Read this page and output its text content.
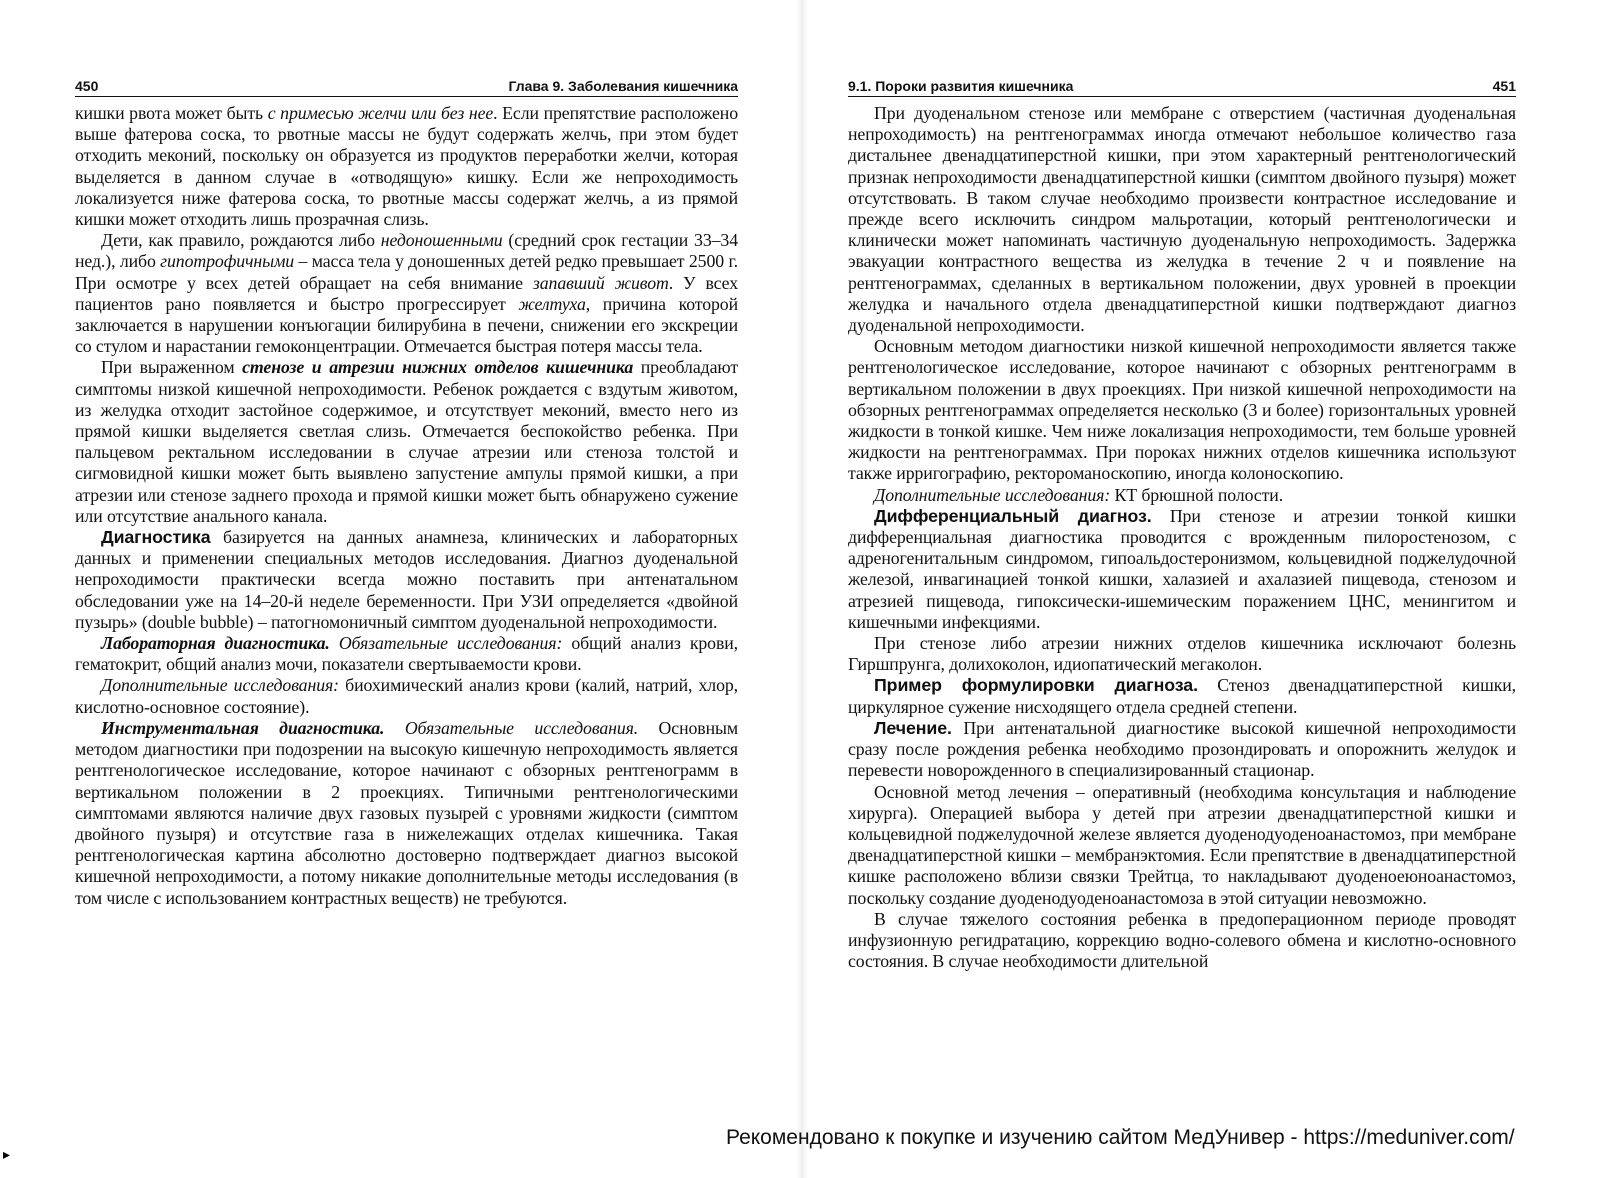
450	Глава 9. Заболевания кишечника

кишки рвота может быть с примесью желчи или без нее. Если препятствие расположено выше фатерова соска, то рвотные массы не будут содержать желчь, при этом будет отходить меконий, поскольку он образуется из продуктов переработки желчи, которая выделяется в данном случае в «отводящую» кишку. Если же непроходимость локализуется ниже фатерова соска, то рвотные массы содержат желчь, а из прямой кишки может отходить лишь прозрачная слизь.

Дети, как правило, рождаются либо недоношенными (средний срок гестации 33–34 нед.), либо гипотрофичными – масса тела у доношенных детей редко превышает 2500 г. При осмотре у всех детей обращает на себя внимание запавший живот. У всех пациентов рано появляется и быстро прогрессирует желтуха, причина которой заключается в нарушении конъюгации билирубина в печени, снижении его экскреции со стулом и нарастании гемоконцентрации. Отмечается быстрая потеря массы тела.

При выраженном стенозе и атрезии нижних отделов кишечника преобладают симптомы низкой кишечной непроходимости. Ребенок рождается с вздутым животом, из желудка отходит застойное содержимое, и отсутствует меконий, вместо него из прямой кишки выделяется светлая слизь. Отмечается беспокойство ребенка. При пальцевом ректальном исследовании в случае атрезии или стеноза толстой и сигмовидной кишки может быть выявлено запустение ампулы прямой кишки, а при атрезии или стенозе заднего прохода и прямой кишки может быть обнаружено сужение или отсутствие анального канала.

Диагностика базируется на данных анамнеза, клинических и лабораторных данных и применении специальных методов исследования. Диагноз дуоденальной непроходимости практически всегда можно поставить при антенатальном обследовании уже на 14–20-й неделе беременности. При УЗИ определяется «двойной пузырь» (double bubble) – патогномоничный симптом дуоденальной непроходимости.

Лабораторная диагностика. Обязательные исследования: общий анализ крови, гематокрит, общий анализ мочи, показатели свертываемости крови.

Дополнительные исследования: биохимический анализ крови (калий, натрий, хлор, кислотно-основное состояние).

Инструментальная диагностика. Обязательные исследования. Основным методом диагностики при подозрении на высокую кишечную непроходимость является рентгенологическое исследование, которое начинают с обзорных рентгенограмм в вертикальном положении в 2 проекциях. Типичными рентгенологическими симптомами являются наличие двух газовых пузырей с уровнями жидкости (симптом двойного пузыря) и отсутствие газа в нижележащих отделах кишечника. Такая рентгенологическая картина абсолютно достоверно подтверждает диагноз высокой кишечной непроходимости, а потому никакие дополнительные методы исследования (в том числе с использованием контрастных веществ) не требуются.

9.1. Пороки развития кишечника	451

При дуоденальном стенозе или мембране с отверстием (частичная дуоденальная непроходимость) на рентгенограммах иногда отмечают небольшое количество газа дистальнее двенадцатиперстной кишки, при этом характерный рентгенологический признак непроходимости двенадцатиперстной кишки (симптом двойного пузыря) может отсутствовать. В таком случае необходимо произвести контрастное исследование и прежде всего исключить синдром мальротации, который рентгенологически и клинически может напоминать частичную дуоденальную непроходимость. Задержка эвакуации контрастного вещества из желудка в течение 2 ч и появление на рентгенограммах, сделанных в вертикальном положении, двух уровней в проекции желудка и начального отдела двенадцатиперстной кишки подтверждают диагноз дуоденальной непроходимости.

Основным методом диагностики низкой кишечной непроходимости является также рентгенологическое исследование, которое начинают с обзорных рентгенограмм в вертикальном положении в двух проекциях. При низкой кишечной непроходимости на обзорных рентгенограммах определяется несколько (3 и более) горизонтальных уровней жидкости в тонкой кишке. Чем ниже локализация непроходимости, тем больше уровней жидкости на рентгенограммах. При пороках нижних отделов кишечника используют также ирригографию, ректороманоскопию, иногда колоноскопию.

Дополнительные исследования: КТ брюшной полости.

Дифференциальный диагноз. При стенозе и атрезии тонкой кишки дифференциальная диагностика проводится с врожденным пилоростенозом, с адреногенитальным синдромом, гипоальдостеронизмом, кольцевидной поджелудочной железой, инвагинацией тонкой кишки, халазией и ахалазией пищевода, стенозом и атрезией пищевода, гипоксически-ишемическим поражением ЦНС, менингитом и кишечными инфекциями.

При стенозе либо атрезии нижних отделов кишечника исключают болезнь Гиршпрунга, долихоколон, идиопатический мегаколон.

Пример формулировки диагноза. Стеноз двенадцатиперстной кишки, циркулярное сужение нисходящего отдела средней степени.

Лечение. При антенатальной диагностике высокой кишечной непроходимости сразу после рождения ребенка необходимо прозондировать и опорожнить желудок и перевести новорожденного в специализированный стационар.

Основной метод лечения – оперативный (необходима консультация и наблюдение хирурга). Операцией выбора у детей при атрезии двенадцатиперстной кишки и кольцевидной поджелудочной железе является дуоденодуоденоанастомоз, при мембране двенадцатиперстной кишки – мембранэктомия. Если препятствие в двенадцатиперстной кишке расположено вблизи связки Трейтца, то накладывают дуоденоеюноанастомоз, поскольку создание дуоденодуоденоанастомоза в этой ситуации невозможно.

В случае тяжелого состояния ребенка в предоперационном периоде проводят инфузионную регидратацию, коррекцию водно-солевого обмена и кислотно-основного состояния. В случае необходимости длительной

▸
Рекомендовано к покупке и изучению сайтом МедУнивер - https://meduniver.com/
